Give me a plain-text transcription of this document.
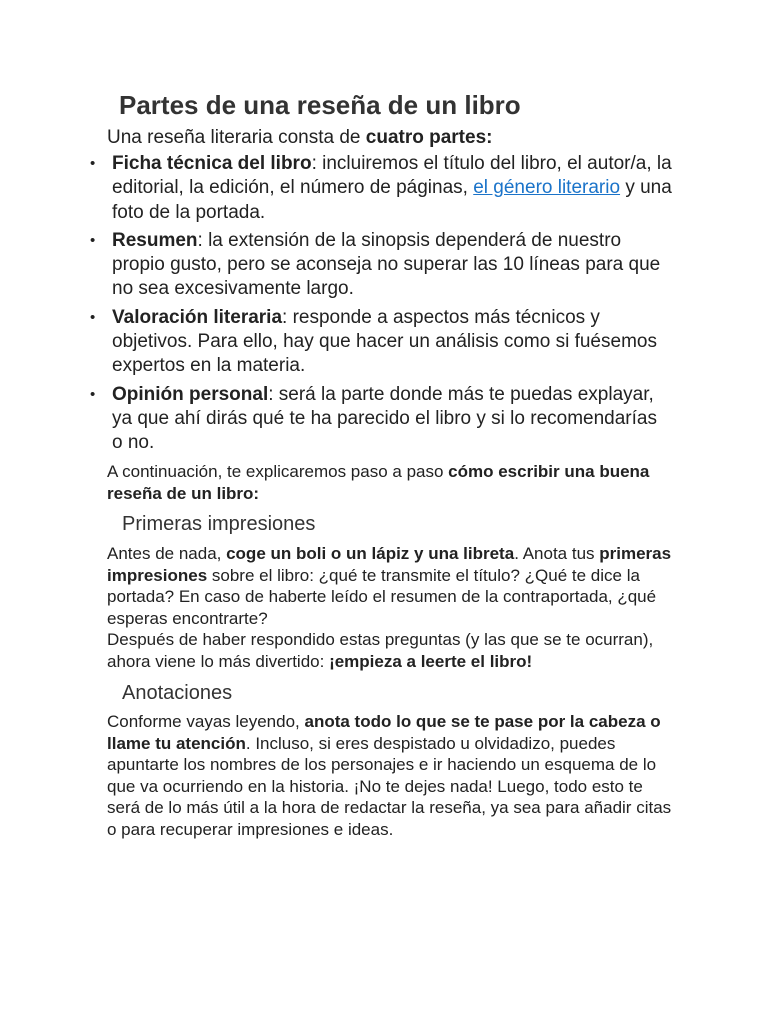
Partes de una reseña de un libro

Una reseña literaria consta de cuatro partes:

• Ficha técnica del libro: incluiremos el título del libro, el autor/a, la editorial, la edición, el número de páginas, el género literario y una foto de la portada.
• Resumen: la extensión de la sinopsis dependerá de nuestro propio gusto, pero se aconseja no superar las 10 líneas para que no sea excesivamente largo.
• Valoración literaria: responde a aspectos más técnicos y objetivos. Para ello, hay que hacer un análisis como si fuésemos expertos en la materia.
• Opinión personal: será la parte donde más te puedas explayar, ya que ahí dirás qué te ha parecido el libro y si lo recomendarías o no.

A continuación, te explicaremos paso a paso cómo escribir una buena reseña de un libro:

Primeras impresiones

Antes de nada, coge un boli o un lápiz y una libreta. Anota tus primeras impresiones sobre el libro: ¿qué te transmite el título? ¿Qué te dice la portada? En caso de haberte leído el resumen de la contraportada, ¿qué esperas encontrarte?
Después de haber respondido estas preguntas (y las que se te ocurran), ahora viene lo más divertido: ¡empieza a leerte el libro!

Anotaciones

Conforme vayas leyendo, anota todo lo que se te pase por la cabeza o llame tu atención. Incluso, si eres despistado u olvidadizo, puedes apuntarte los nombres de los personajes e ir haciendo un esquema de lo que va ocurriendo en la historia. ¡No te dejes nada! Luego, todo esto te será de lo más útil a la hora de redactar la reseña, ya sea para añadir citas o para recuperar impresiones e ideas.
